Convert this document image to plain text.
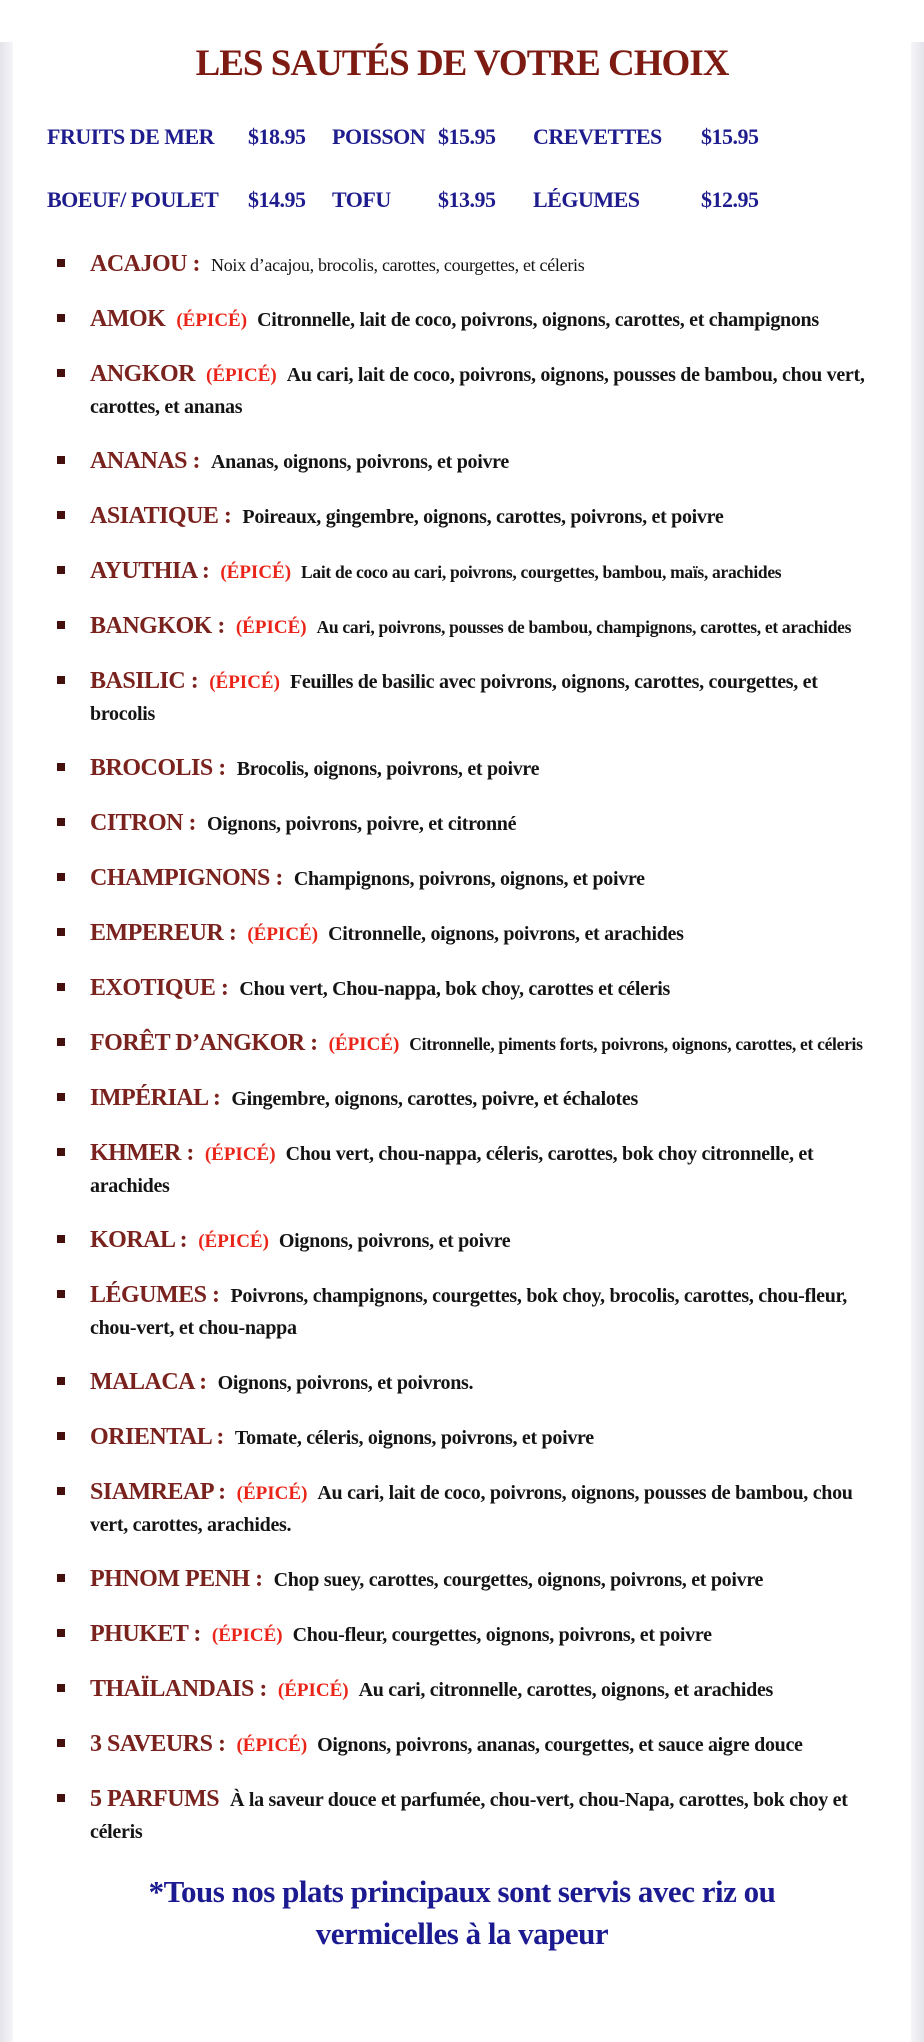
LES SAUTÉS DE VOTRE CHOIX
FRUITS DE MER	$18.95	POISSON $15.95	CREVETTES	$15.95
BOEUF/ POULET	$14.95	TOFU	$13.95	LÉGUMES	$12.95
ACAJOU : Noix d’acajou, brocolis, carottes, courgettes, et céleris
AMOK (ÉPICÉ) Citronnelle, lait de coco, poivrons, oignons, carottes, et champignons
ANGKOR (ÉPICÉ) Au cari, lait de coco, poivrons, oignons, pousses de bambou, chou vert, carottes, et ananas
ANANAS : Ananas, oignons, poivrons, et poivre
ASIATIQUE : Poireaux, gingembre, oignons, carottes, poivrons, et poivre
AYUTHIA : (ÉPICÉ) Lait de coco au cari, poivrons, courgettes, bambou, maïs, arachides
BANGKOK : (ÉPICÉ) Au cari, poivrons, pousses de bambou, champignons, carottes, et arachides
BASILIC : (ÉPICÉ) Feuilles de basilic avec poivrons, oignons, carottes, courgettes, et brocolis
BROCOLIS : Brocolis, oignons, poivrons, et poivre
CITRON : Oignons, poivrons, poivre, et citronné
CHAMPIGNONS : Champignons, poivrons, oignons, et poivre
EMPEREUR : (ÉPICÉ) Citronnelle, oignons, poivrons, et arachides
EXOTIQUE : Chou vert, Chou-nappa, bok choy, carottes et céleris
FORÊT D’ANGKOR : (ÉPICÉ) Citronnelle, piments forts, poivrons, oignons, carottes, et céleris
IMPÉRIAL : Gingembre, oignons, carottes, poivre, et échalotes
KHMER : (ÉPICÉ) Chou vert, chou-nappa, céleris, carottes, bok choy citronnelle, et arachides
KORAL : (ÉPICÉ) Oignons, poivrons, et poivre
LÉGUMES : Poivrons, champignons, courgettes, bok choy, brocolis, carottes, chou-fleur, chou-vert, et chou-nappa
MALACA : Oignons, poivrons, et poivrons.
ORIENTAL : Tomate, céleris, oignons, poivrons, et poivre
SIAMREAP : (ÉPICÉ) Au cari, lait de coco, poivrons, oignons, pousses de bambou, chou vert, carottes, arachides.
PHNOM PENH : Chop suey, carottes, courgettes, oignons, poivrons, et poivre
PHUKET : (ÉPICÉ) Chou-fleur, courgettes, oignons, poivrons, et poivre
THAÏLANDAIS : (ÉPICÉ) Au cari, citronnelle, carottes, oignons, et arachides
3 SAVEURS : (ÉPICÉ) Oignons, poivrons, ananas, courgettes, et sauce aigre douce
5 PARFUMS À la saveur douce et parfumée, chou-vert, chou-Napa, carottes, bok choy et céleris
*Tous nos plats principaux sont servis avec riz ou vermicelles à la vapeur
